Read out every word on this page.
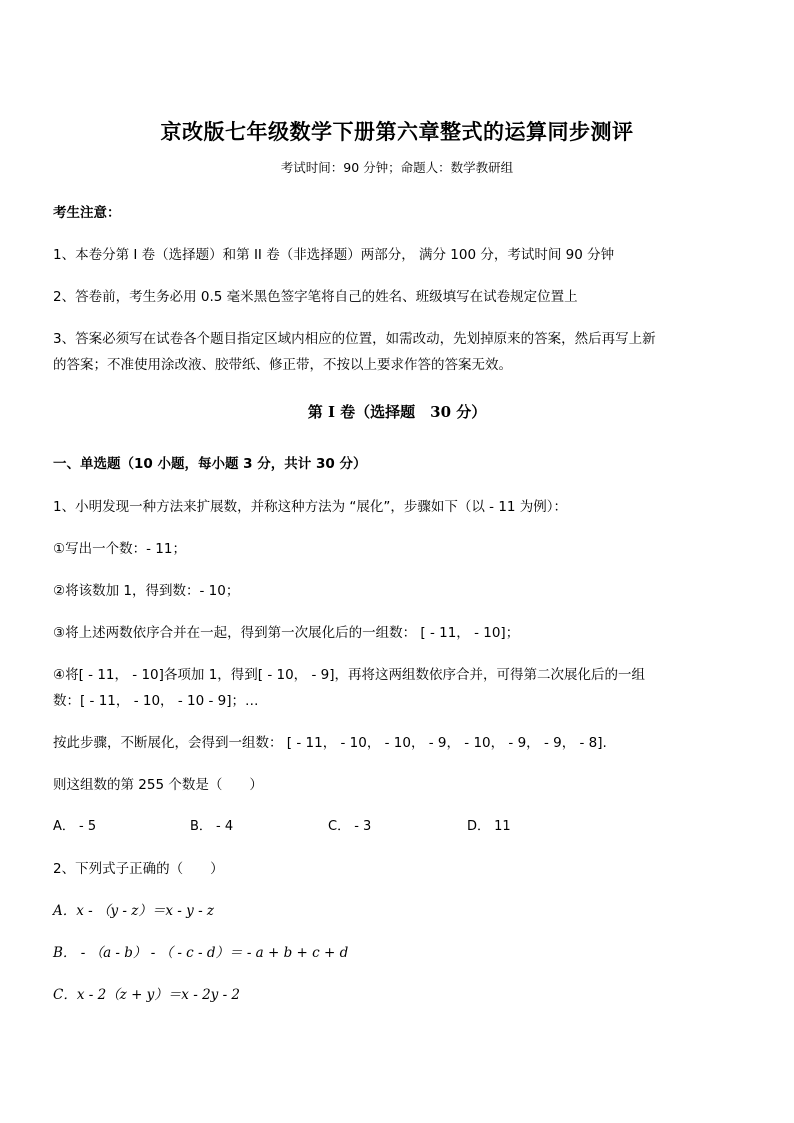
京改版七年级数学下册第六章整式的运算同步测评
考试时间：90 分钟；命题人：数学教研组
考生注意：
1、本卷分第 I 卷（选择题）和第 II 卷（非选择题）两部分， 满分 100 分，考试时间 90 分钟
2、答卷前，考生务必用 0.5 毫米黑色签字笔将自己的姓名、班级填写在试卷规定位置上
3、答案必须写在试卷各个题目指定区域内相应的位置，如需改动，先划掉原来的答案，然后再写上新
的答案；不准使用涂改液、胶带纸、修正带，不按以上要求作答的答案无效。
第 I 卷（选择题　30 分）
一、单选题（10 小题，每小题 3 分，共计 30 分）
1、小明发现一种方法来扩展数，并称这种方法为 “展化”，步骤如下（以 - 11 为例）：
①写出一个数：- 11；
②将该数加 1，得到数：- 10；
③将上述两数依序合并在一起，得到第一次展化后的一组数： [ - 11， - 10]；
④将[ - 11， - 10]各项加 1，得到[ - 10， - 9]，再将这两组数依序合并，可得第二次展化后的一组
数：[ - 11， - 10， - 10 - 9]；…
按此步骤，不断展化，会得到一组数： [ - 11， - 10， - 10， - 9， - 10， - 9， - 9， - 8].
则这组数的第 255 个数是（　　）
A． - 5	B． - 4	C． - 3	D． 11
2、下列式子正确的（　　）
A．x - （y - z）＝x - y - z
B． - （a - b） - （ - c - d）＝ - a + b + c + d
C．x - 2（z + y）＝x - 2y - 2
